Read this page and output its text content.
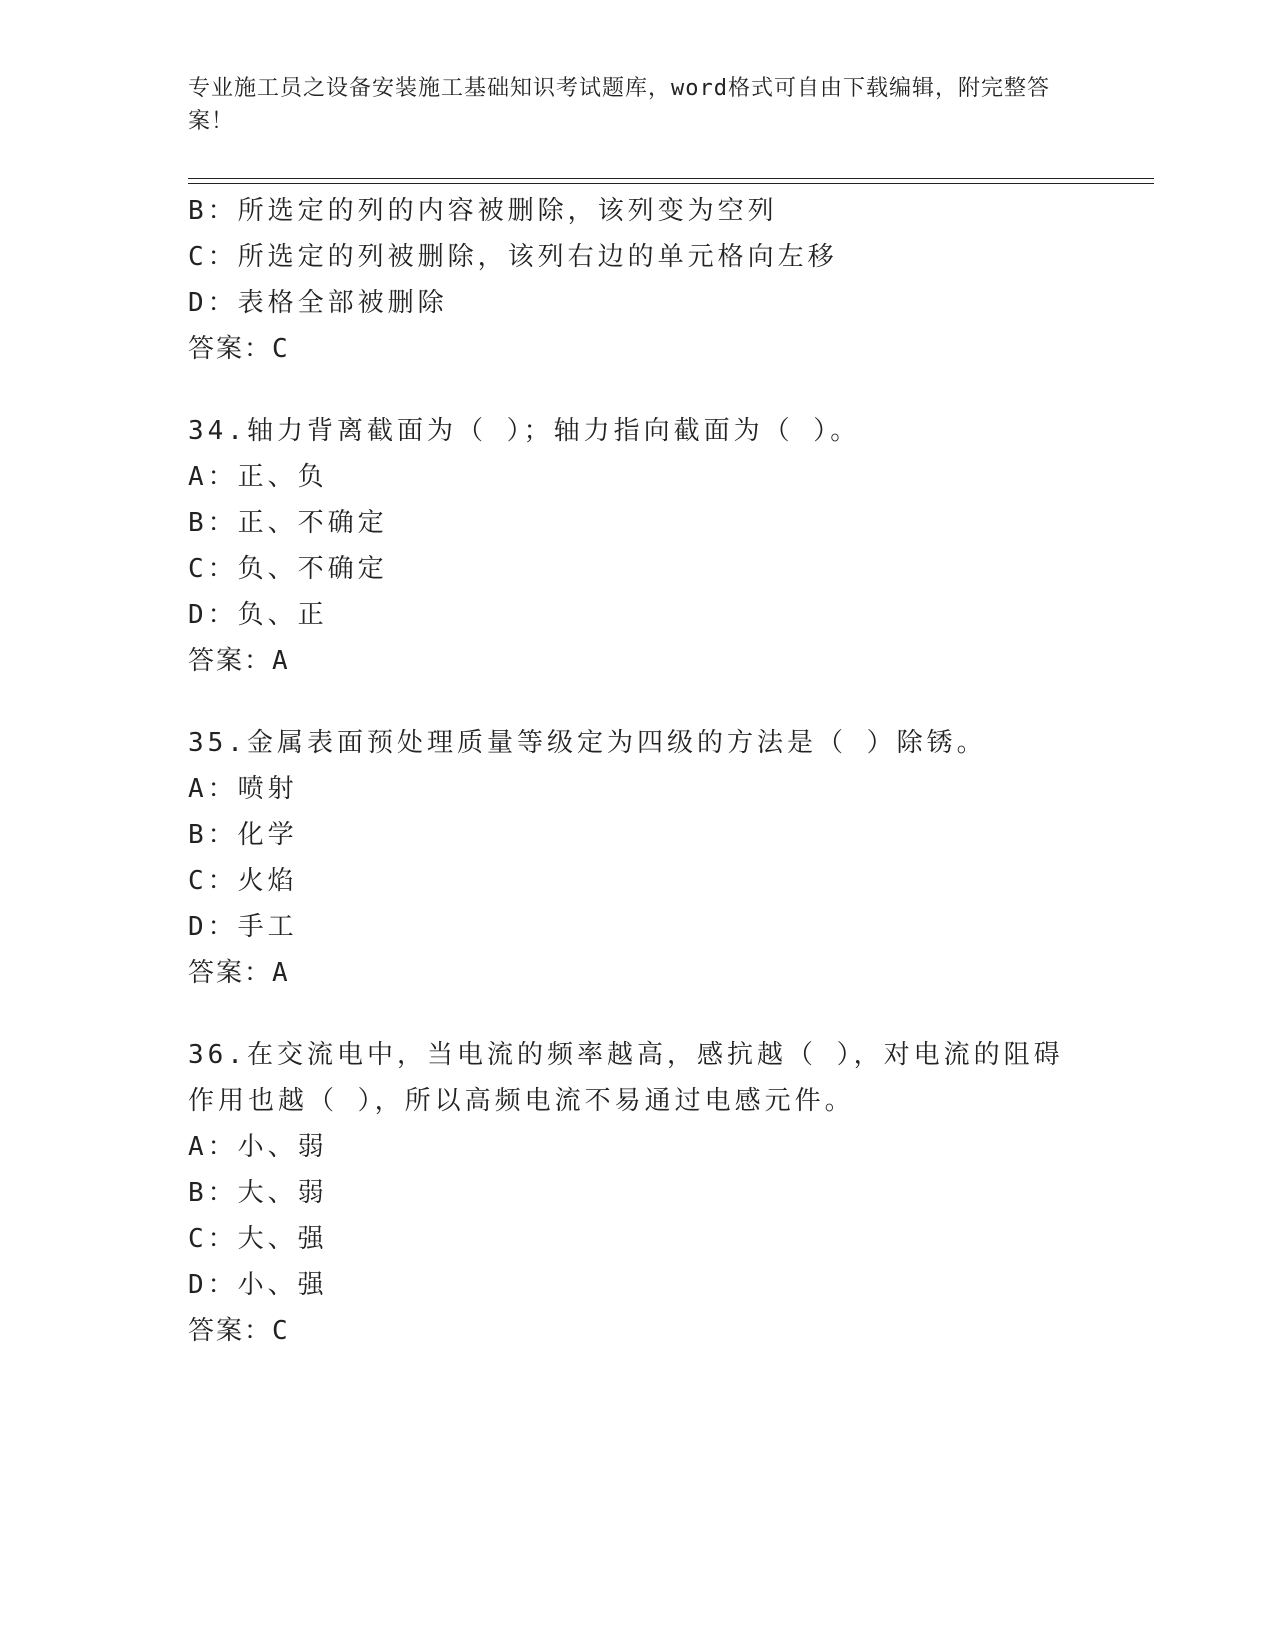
专业施工员之设备安装施工基础知识考试题库，word格式可自由下载编辑，附完整答案！
B：所选定的列的内容被删除，该列变为空列
C：所选定的列被删除，该列右边的单元格向左移
D：表格全部被删除
答案：C
34.轴力背离截面为（ ）；轴力指向截面为（ ）。
A：正、负
B：正、不确定
C：负、不确定
D：负、正
答案：A
35.金属表面预处理质量等级定为四级的方法是（ ）除锈。
A：喷射
B：化学
C：火焰
D：手工
答案：A
36.在交流电中，当电流的频率越高，感抗越（ ），对电流的阻碍作用也越（ ），所以高频电流不易通过电感元件。
A：小、弱
B：大、弱
C：大、强
D：小、强
答案：C
